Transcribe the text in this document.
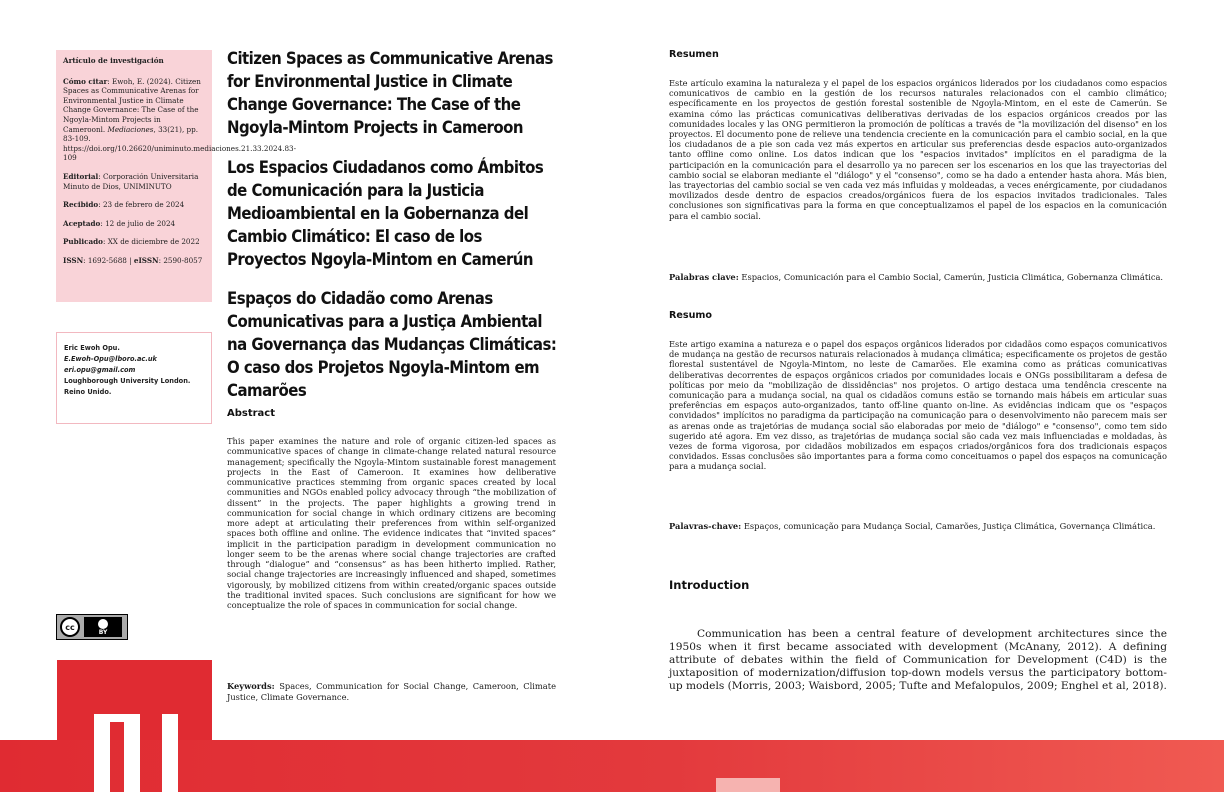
Artículo de investigación

Cómo citar: Ewoh, E. (2024). Citizen Spaces as Communicative Arenas for Environmental Justice in Climate Change Governance: The Case of the Ngoyla-Mintom Projects in Cameroonl. Mediaciones, 33(21), pp. 83-109. https://doi.org/10.26620/uniminuto.mediaciones.21.33.2024.83-109

Editorial: Corporación Universitaria Minuto de Dios, UNIMINUTO

Recibido: 23 de febrero de 2024

Aceptado: 12 de julio de 2024

Publicado: XX de diciembre de 2022

ISSN: 1692-5688 | eISSN: 2590-8057

Eric Ewoh Opu.
E.Ewoh-Opu@lboro.ac.uk
eri.opu@gmail.com
Loughborough University London.
Reino Unido.
cc
BY
Citizen Spaces as Communicative Arenas for Environmental Justice in Climate Change Governance: The Case of the Ngoyla-Mintom Projects in Cameroon
Los Espacios Ciudadanos como Ámbitos de Comunicación para la Justicia Medioambiental en la Gobernanza del Cambio Climático: El caso de los Proyectos Ngoyla-Mintom en Camerún
Espaços do Cidadão como Arenas Comunicativas para a Justiça Ambiental na Governança das Mudanças Climáticas: O caso dos Projetos Ngoyla-Mintom em Camarões
Abstract
This paper examines the nature and role of organic citizen-led spaces as communicative spaces of change in climate-change related natural resource management; specifically the Ngoyla-Mintom sustainable forest management projects in the East of Cameroon. It examines how deliberative communicative practices stemming from organic spaces created by local communities and NGOs enabled policy advocacy through “the mobilization of dissent” in the projects. The paper highlights a growing trend in communication for social change in which ordinary citizens are becoming more adept at articulating their preferences from within self-organized spaces both offline and online. The evidence indicates that “invited spaces” implicit in the participation paradigm in development communication no longer seem to be the arenas where social change trajectories are crafted through “dialogue” and “consensus” as has been hitherto implied. Rather, social change trajectories are increasingly influenced and shaped, sometimes vigorously, by mobilized citizens from within created/organic spaces outside the traditional invited spaces. Such conclusions are significant for how we conceptualize the role of spaces in communication for social change.
Keywords: Spaces, Communication for Social Change, Cameroon, Climate Justice, Climate Governance.
Resumen
Este artículo examina la naturaleza y el papel de los espacios orgánicos liderados por los ciudadanos como espacios comunicativos de cambio en la gestión de los recursos naturales relacionados con el cambio climático; específicamente en los proyectos de gestión forestal sostenible de Ngoyla-Mintom, en el este de Camerún. Se examina cómo las prácticas comunicativas deliberativas derivadas de los espacios orgánicos creados por las comunidades locales y las ONG permitieron la promoción de políticas a través de "la movilización del disenso" en los proyectos. El documento pone de relieve una tendencia creciente en la comunicación para el cambio social, en la que los ciudadanos de a pie son cada vez más expertos en articular sus preferencias desde espacios auto-organizados tanto offline como online. Los datos indican que los "espacios invitados" implícitos en el paradigma de la participación en la comunicación para el desarrollo ya no parecen ser los escenarios en los que las trayectorias del cambio social se elaboran mediante el "diálogo" y el "consenso", como se ha dado a entender hasta ahora. Más bien, las trayectorias del cambio social se ven cada vez más influidas y moldeadas, a veces enérgicamente, por ciudadanos movilizados desde dentro de espacios creados/orgánicos fuera de los espacios invitados tradicionales. Tales conclusiones son significativas para la forma en que conceptualizamos el papel de los espacios en la comunicación para el cambio social.
Palabras clave: Espacios, Comunicación para el Cambio Social, Camerún, Justicia Climática, Gobernanza Climática.
Resumo
Este artigo examina a natureza e o papel dos espaços orgânicos liderados por cidadãos como espaços comunicativos de mudança na gestão de recursos naturais relacionados à mudança climática; especificamente os projetos de gestão florestal sustentável de Ngoyla-Mintom, no leste de Camarões. Ele examina como as práticas comunicativas deliberativas decorrentes de espaços orgânicos criados por comunidades locais e ONGs possibilitaram a defesa de políticas por meio da "mobilização de dissidências" nos projetos. O artigo destaca uma tendência crescente na comunicação para a mudança social, na qual os cidadãos comuns estão se tornando mais hábeis em articular suas preferências em espaços auto-organizados, tanto off-line quanto on-line. As evidências indicam que os "espaços convidados" implícitos no paradigma da participação na comunicação para o desenvolvimento não parecem mais ser as arenas onde as trajetórias de mudança social são elaboradas por meio de "diálogo" e "consenso", como tem sido sugerido até agora. Em vez disso, as trajetórias de mudança social são cada vez mais influenciadas e moldadas, às vezes de forma vigorosa, por cidadãos mobilizados em espaços criados/orgânicos fora dos tradicionais espaços convidados. Essas conclusões são importantes para a forma como conceituamos o papel dos espaços na comunicação para a mudança social.
Palavras-chave: Espaços, comunicação para Mudança Social, Camarões, Justiça Climática, Governança Climática.
Introduction
Communication has been a central feature of development architectures since the 1950s when it first became associated with development (McAnany, 2012). A defining attribute of debates within the field of Communication for Development (C4D) is the juxtaposition of modernization/diffusion top-down models versus the participatory bottom-up models (Morris, 2003; Waisbord, 2005; Tufte and Mefalopulos, 2009; Enghel et al, 2018).
